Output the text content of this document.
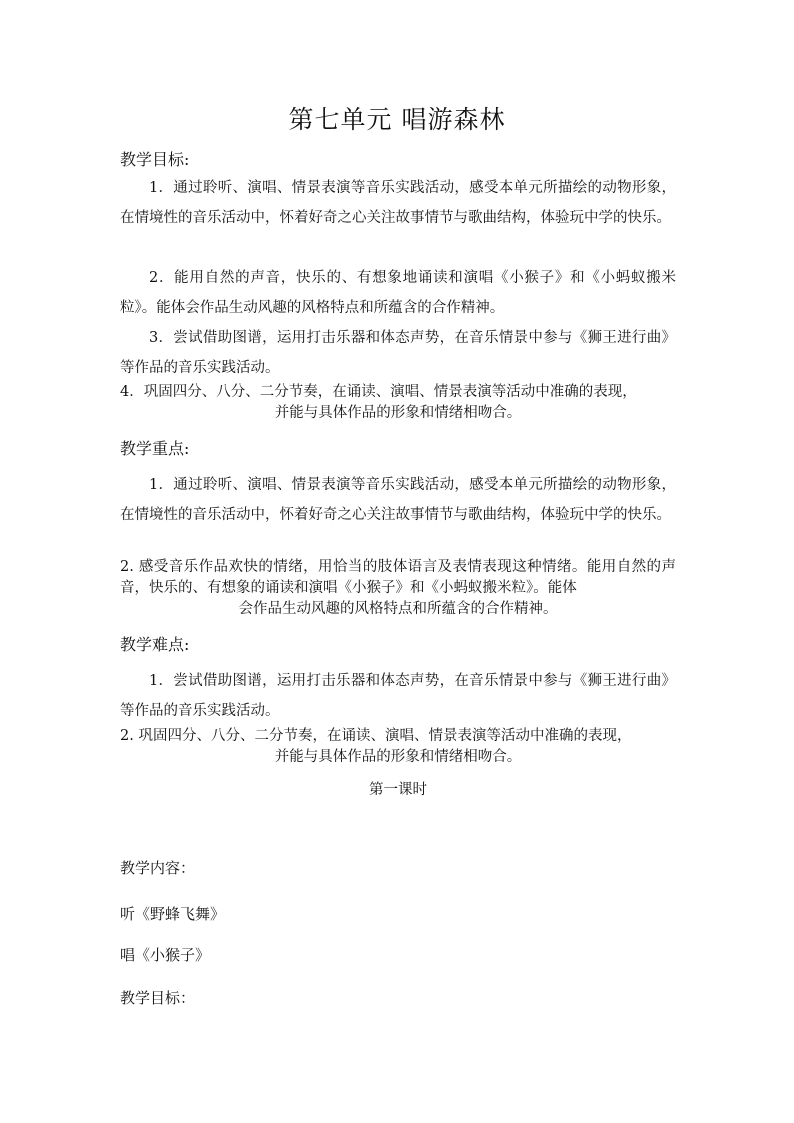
第七单元 唱游森林
教学目标:
1．通过聆听、演唱、情景表演等音乐实践活动，感受本单元所描绘的动物形象，在情境性的音乐活动中，怀着好奇之心关注故事情节与歌曲结构，体验玩中学的快乐。
2．能用自然的声音，快乐的、有想象地诵读和演唱《小猴子》和《小蚂蚁搬米粒》。能体会作品生动风趣的风格特点和所蕴含的合作精神。
3．尝试借助图谱，运用打击乐器和体态声势，在音乐情景中参与《狮王进行曲》等作品的音乐实践活动。
4．巩固四分、八分、二分节奏，在诵读、演唱、情景表演等活动中准确的表现，
并能与具体作品的形象和情绪相吻合。
教学重点:
1．通过聆听、演唱、情景表演等音乐实践活动，感受本单元所描绘的动物形象，在情境性的音乐活动中，怀着好奇之心关注故事情节与歌曲结构，体验玩中学的快乐。
2. 感受音乐作品欢快的情绪，用恰当的肢体语言及表情表现这种情绪。能用自然的声音，快乐的、有想象的诵读和演唱《小猴子》和《小蚂蚁搬米粒》。能体
会作品生动风趣的风格特点和所蕴含的合作精神。
教学难点:
1．尝试借助图谱，运用打击乐器和体态声势，在音乐情景中参与《狮王进行曲》等作品的音乐实践活动。
2. 巩固四分、八分、二分节奏，在诵读、演唱、情景表演等活动中准确的表现，
并能与具体作品的形象和情绪相吻合。
第一课时
教学内容：
听《野蜂飞舞》
唱《小猴子》
教学目标：
